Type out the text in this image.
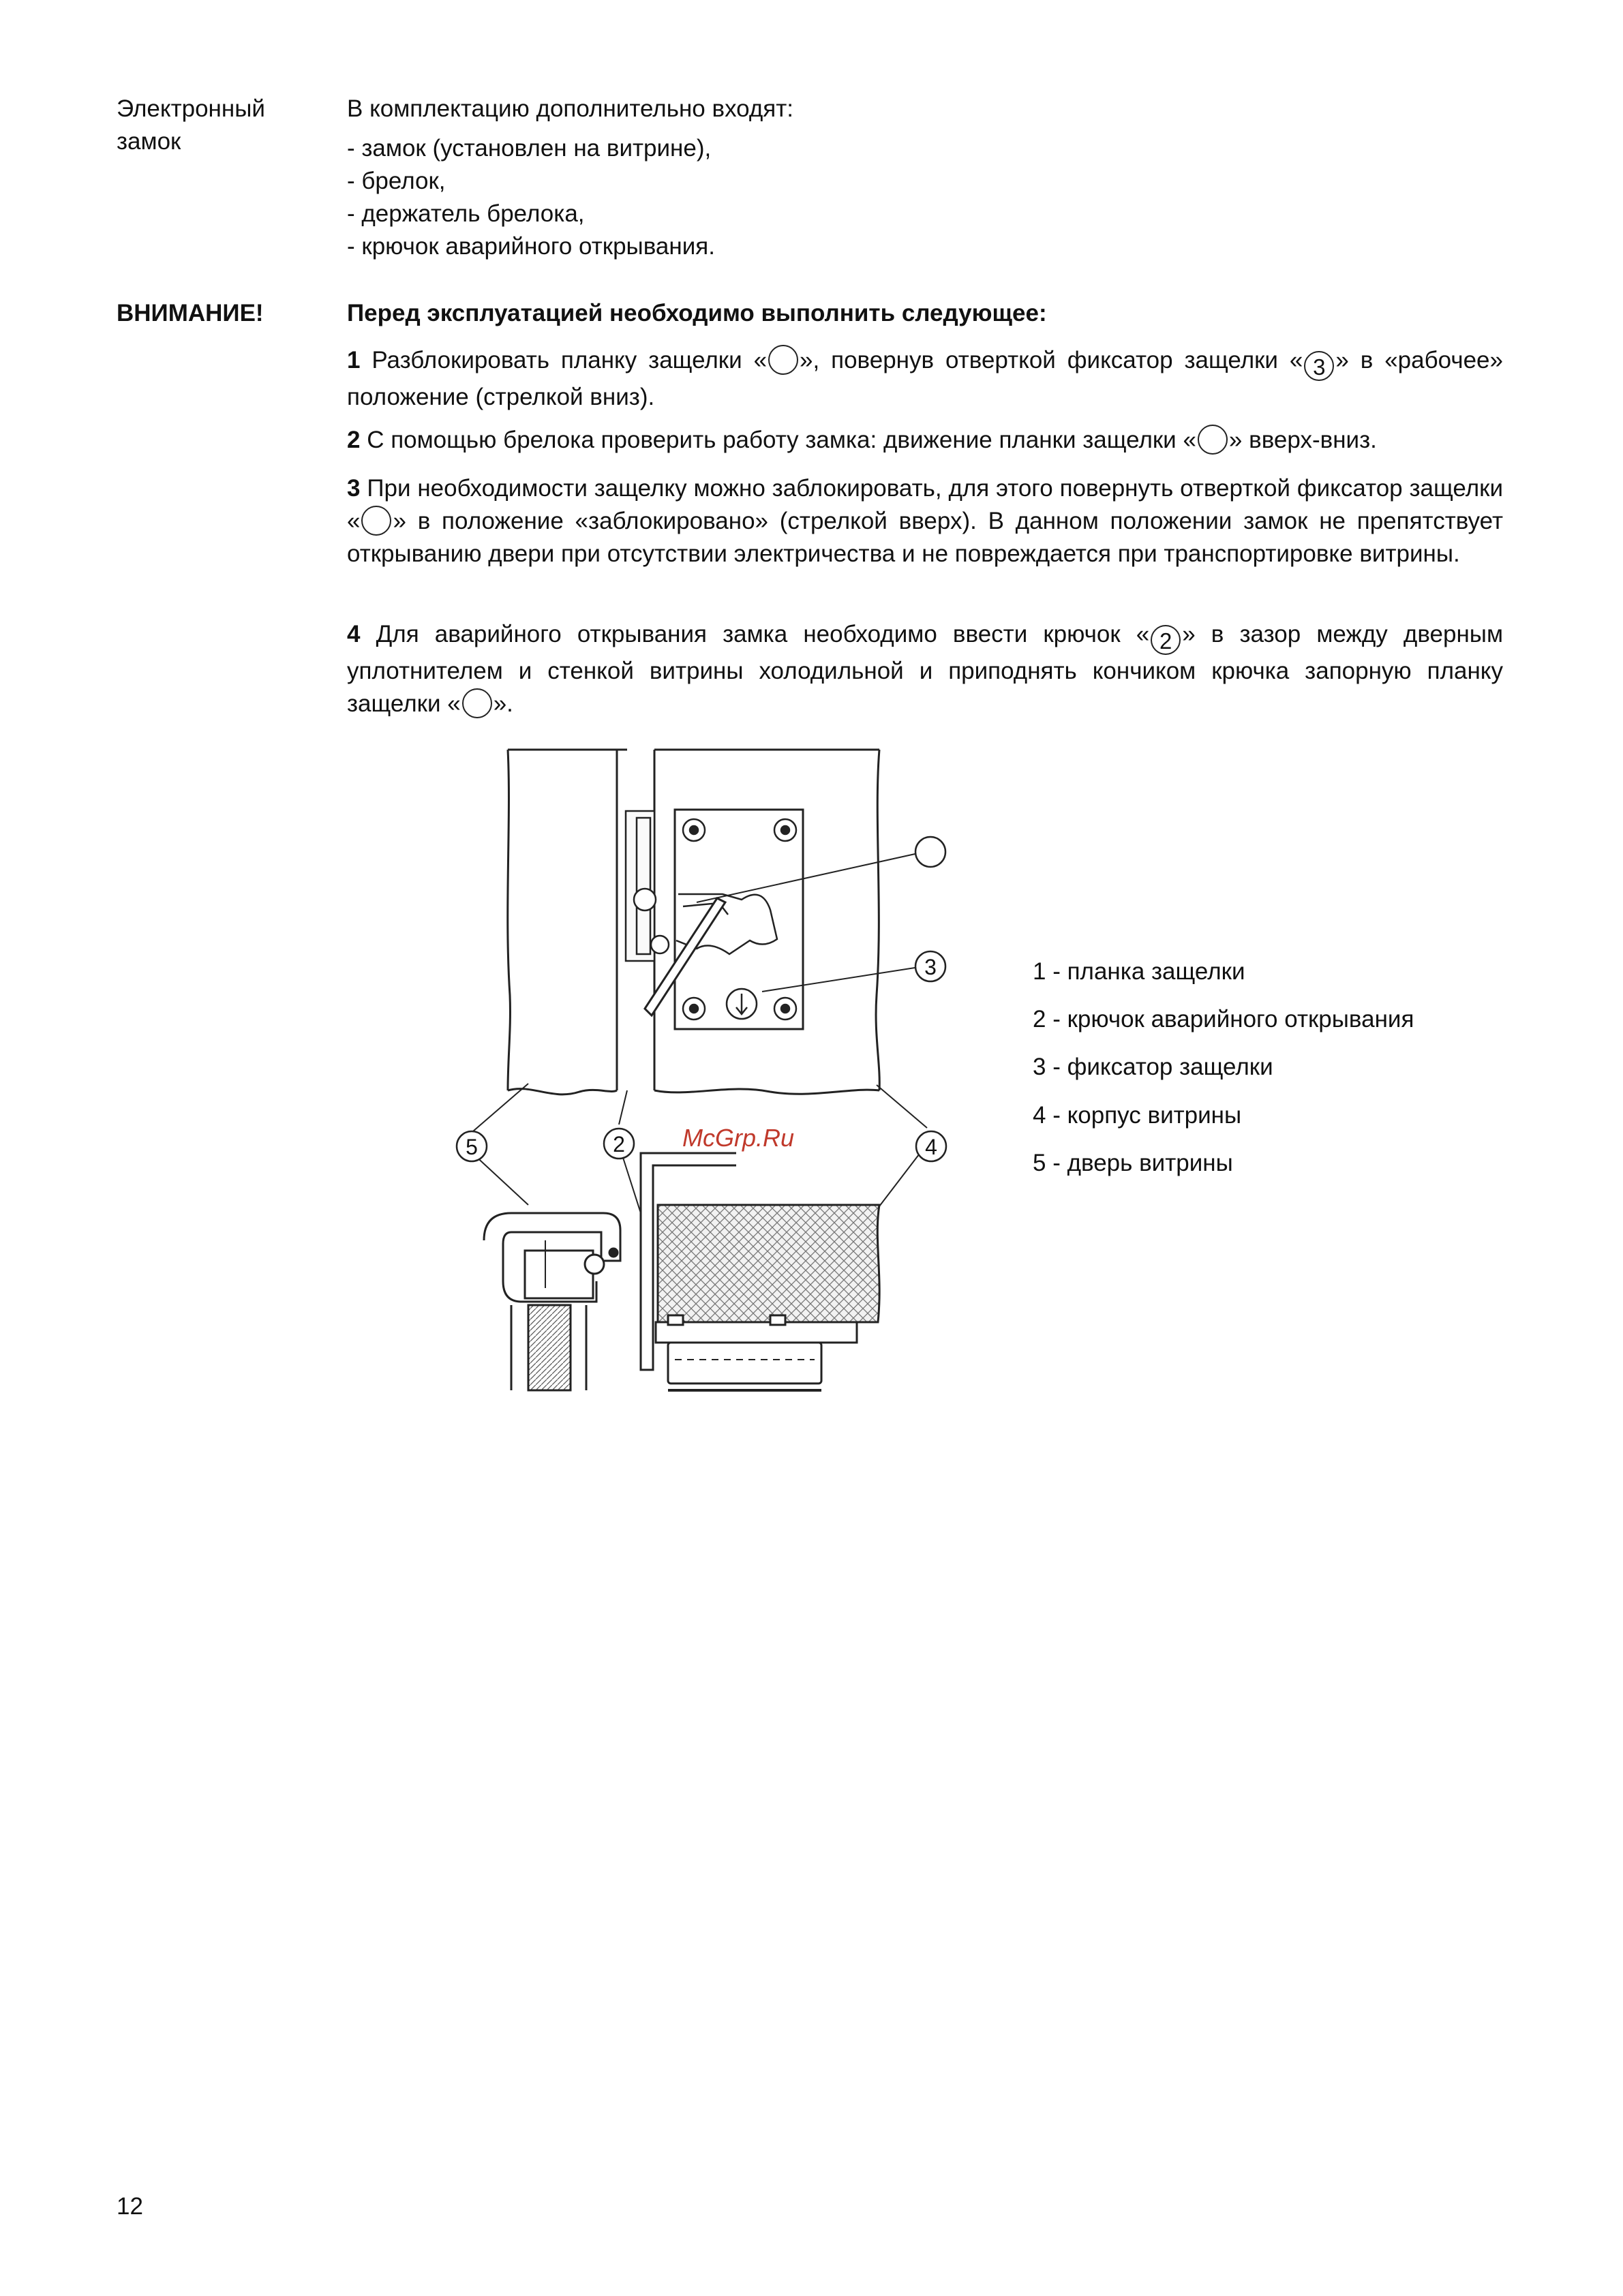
Электронный
замок
В комплектацию дополнительно входят:
- замок (установлен на витрине),
- брелок,
- держатель брелока,
- крючок аварийного открывания.
ВНИМАНИЕ!	Перед эксплуатацией необходимо выполнить следующее:
1 Разблокировать планку защелки « », повернув отверткой фиксатор защелки « 3 » в «рабочее» положение (стрелкой вниз).
2 С помощью брелока проверить работу замка: движение планки защелки « » вверх-вниз.
3 При необходимости защелку можно заблокировать, для этого повернуть отверткой фиксатор защелки « » в положение «заблокировано» (стрелкой вверх). В данном положении замок не препятствует открыванию двери при отсутствии электричества и не повреждается при транспортировке витрины.
4 Для аварийного открывания замка необходимо ввести крючок « 2 » в зазор между дверным уплотнителем и стенкой витрины холодильной и приподнять кончиком крючка запорную планку защелки « ».
3
5	2	4
McGrp.Ru
1 - планка защелки
2 - крючок аварийного открывания
3 - фиксатор защелки
4 - корпус витрины
5 - дверь витрины
12
